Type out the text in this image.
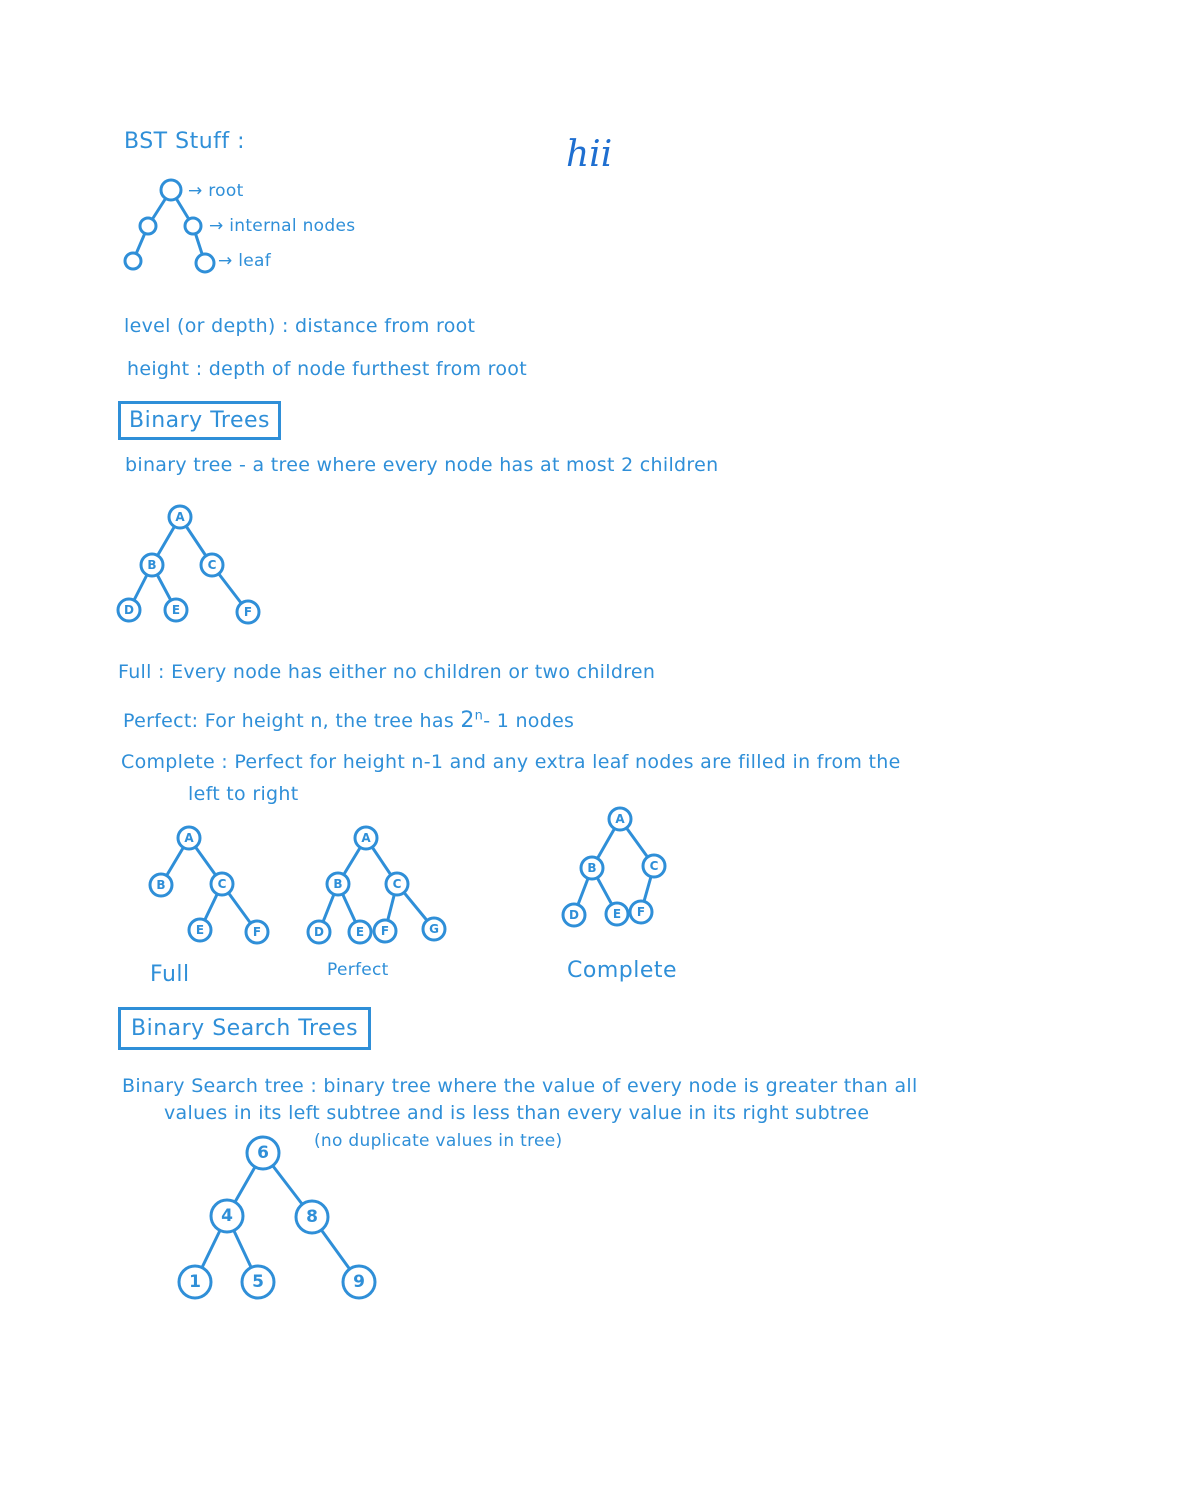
A
B	C
D	E	F
A
B	C
E	F
A
B	C
D	E F	G
A
B	C
D	E F
6
4	8
1	5	9
BST Stuff :	hii
→ root
→ internal nodes
→ leaf
level (or depth) : distance from root
height : depth of node furthest from root
Binary Trees
binary tree - a tree where every node has at most 2 children
Full : Every node has either no children or two children
Perfect: For height n, the tree has 2$^n$- 1 nodes
Complete : Perfect for height n-1 and any extra leaf nodes are filled in from the
left to right
Full	Perfect	Complete
Binary Search Trees
Binary Search tree : binary tree where the value of every node is greater than all
values in its left subtree and is less than every value in its right subtree
(no duplicate values in tree)
